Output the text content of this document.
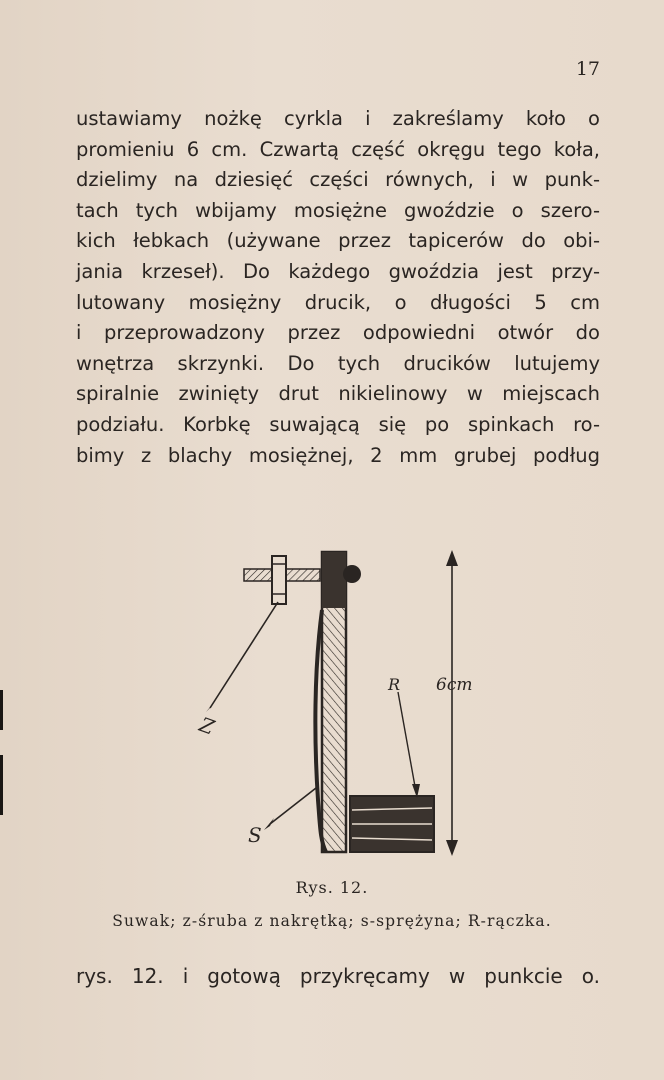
17
ustawiamy nożkę cyrkla i zakreślamy koło o
promieniu 6 cm. Czwartą część okręgu tego koła,
dzielimy na dziesięć części równych, i w punk-
tach tych wbijamy mosiężne gwoździe o szero-
kich łebkach (używane przez tapicerów do obi-
jania krzeseł). Do każdego gwoździa jest przy-
lutowany mosiężny drucik, o długości 5 cm
i przeprowadzony przez odpowiedni otwór do
wnętrza skrzynki. Do tych drucików lutujemy
spiralnie zwinięty drut nikielinowy w miejscach
podziału. Korbkę suwającą się po spinkach ro-
bimy z blachy mosiężnej, 2 mm grubej podług
Z
S
R 6cm
Rys. 12.
Suwak; z-śruba z nakrętką; s-sprężyna; R-rączka.
rys. 12. i gotową przykręcamy w punkcie o.
